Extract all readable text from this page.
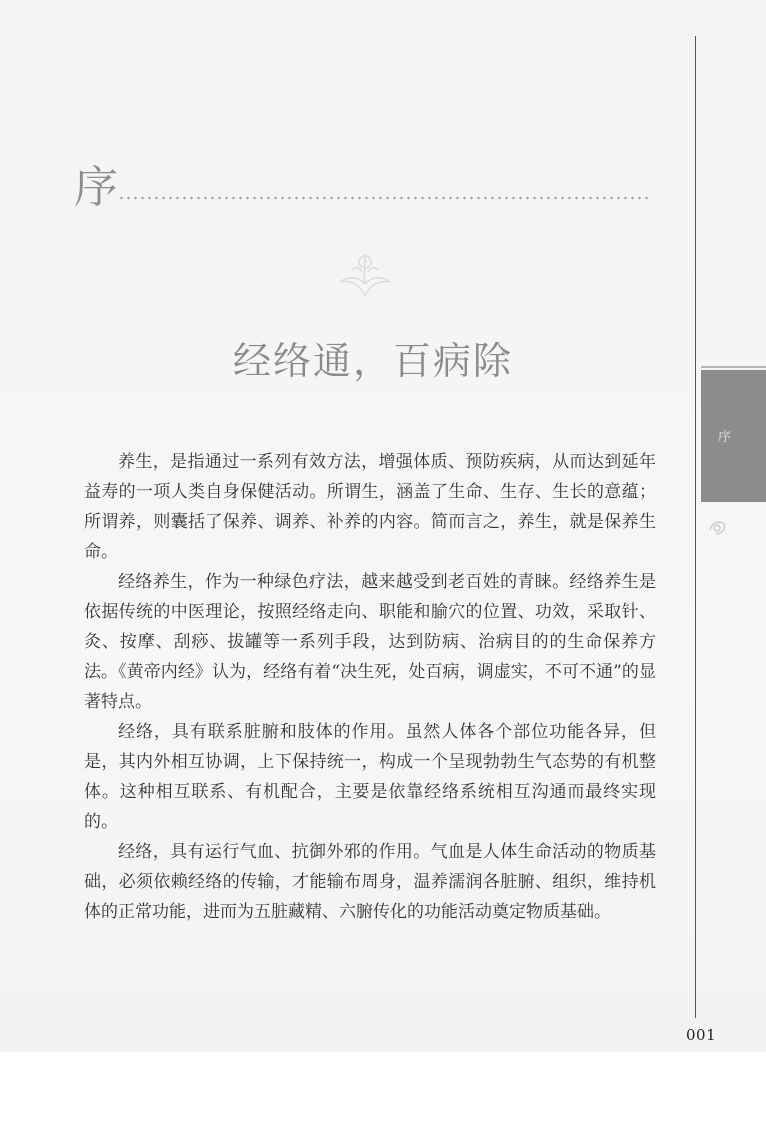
序
经络通，百病除

养生，是指通过一系列有效方法，增强体质、预防疾病，从而达到延年益寿的一项人类自身保健活动。所谓生，涵盖了生命、生存、生长的意蕴；所谓养，则囊括了保养、调养、补养的内容。简而言之，养生，就是保养生命。

经络养生，作为一种绿色疗法，越来越受到老百姓的青睐。经络养生是依据传统的中医理论，按照经络走向、职能和腧穴的位置、功效，采取针、灸、按摩、刮痧、拔罐等一系列手段，达到防病、治病目的的生命保养方法。《黄帝内经》认为，经络有着“决生死，处百病，调虚实，不可不通”的显著特点。

经络，具有联系脏腑和肢体的作用。虽然人体各个部位功能各异，但是，其内外相互协调，上下保持统一，构成一个呈现勃勃生气态势的有机整体。这种相互联系、有机配合，主要是依靠经络系统相互沟通而最终实现的。

经络，具有运行气血、抗御外邪的作用。气血是人体生命活动的物质基础，必须依赖经络的传输，才能输布周身，温养濡润各脏腑、组织，维持机体的正常功能，进而为五脏藏精、六腑传化的功能活动奠定物质基础。

序
001
